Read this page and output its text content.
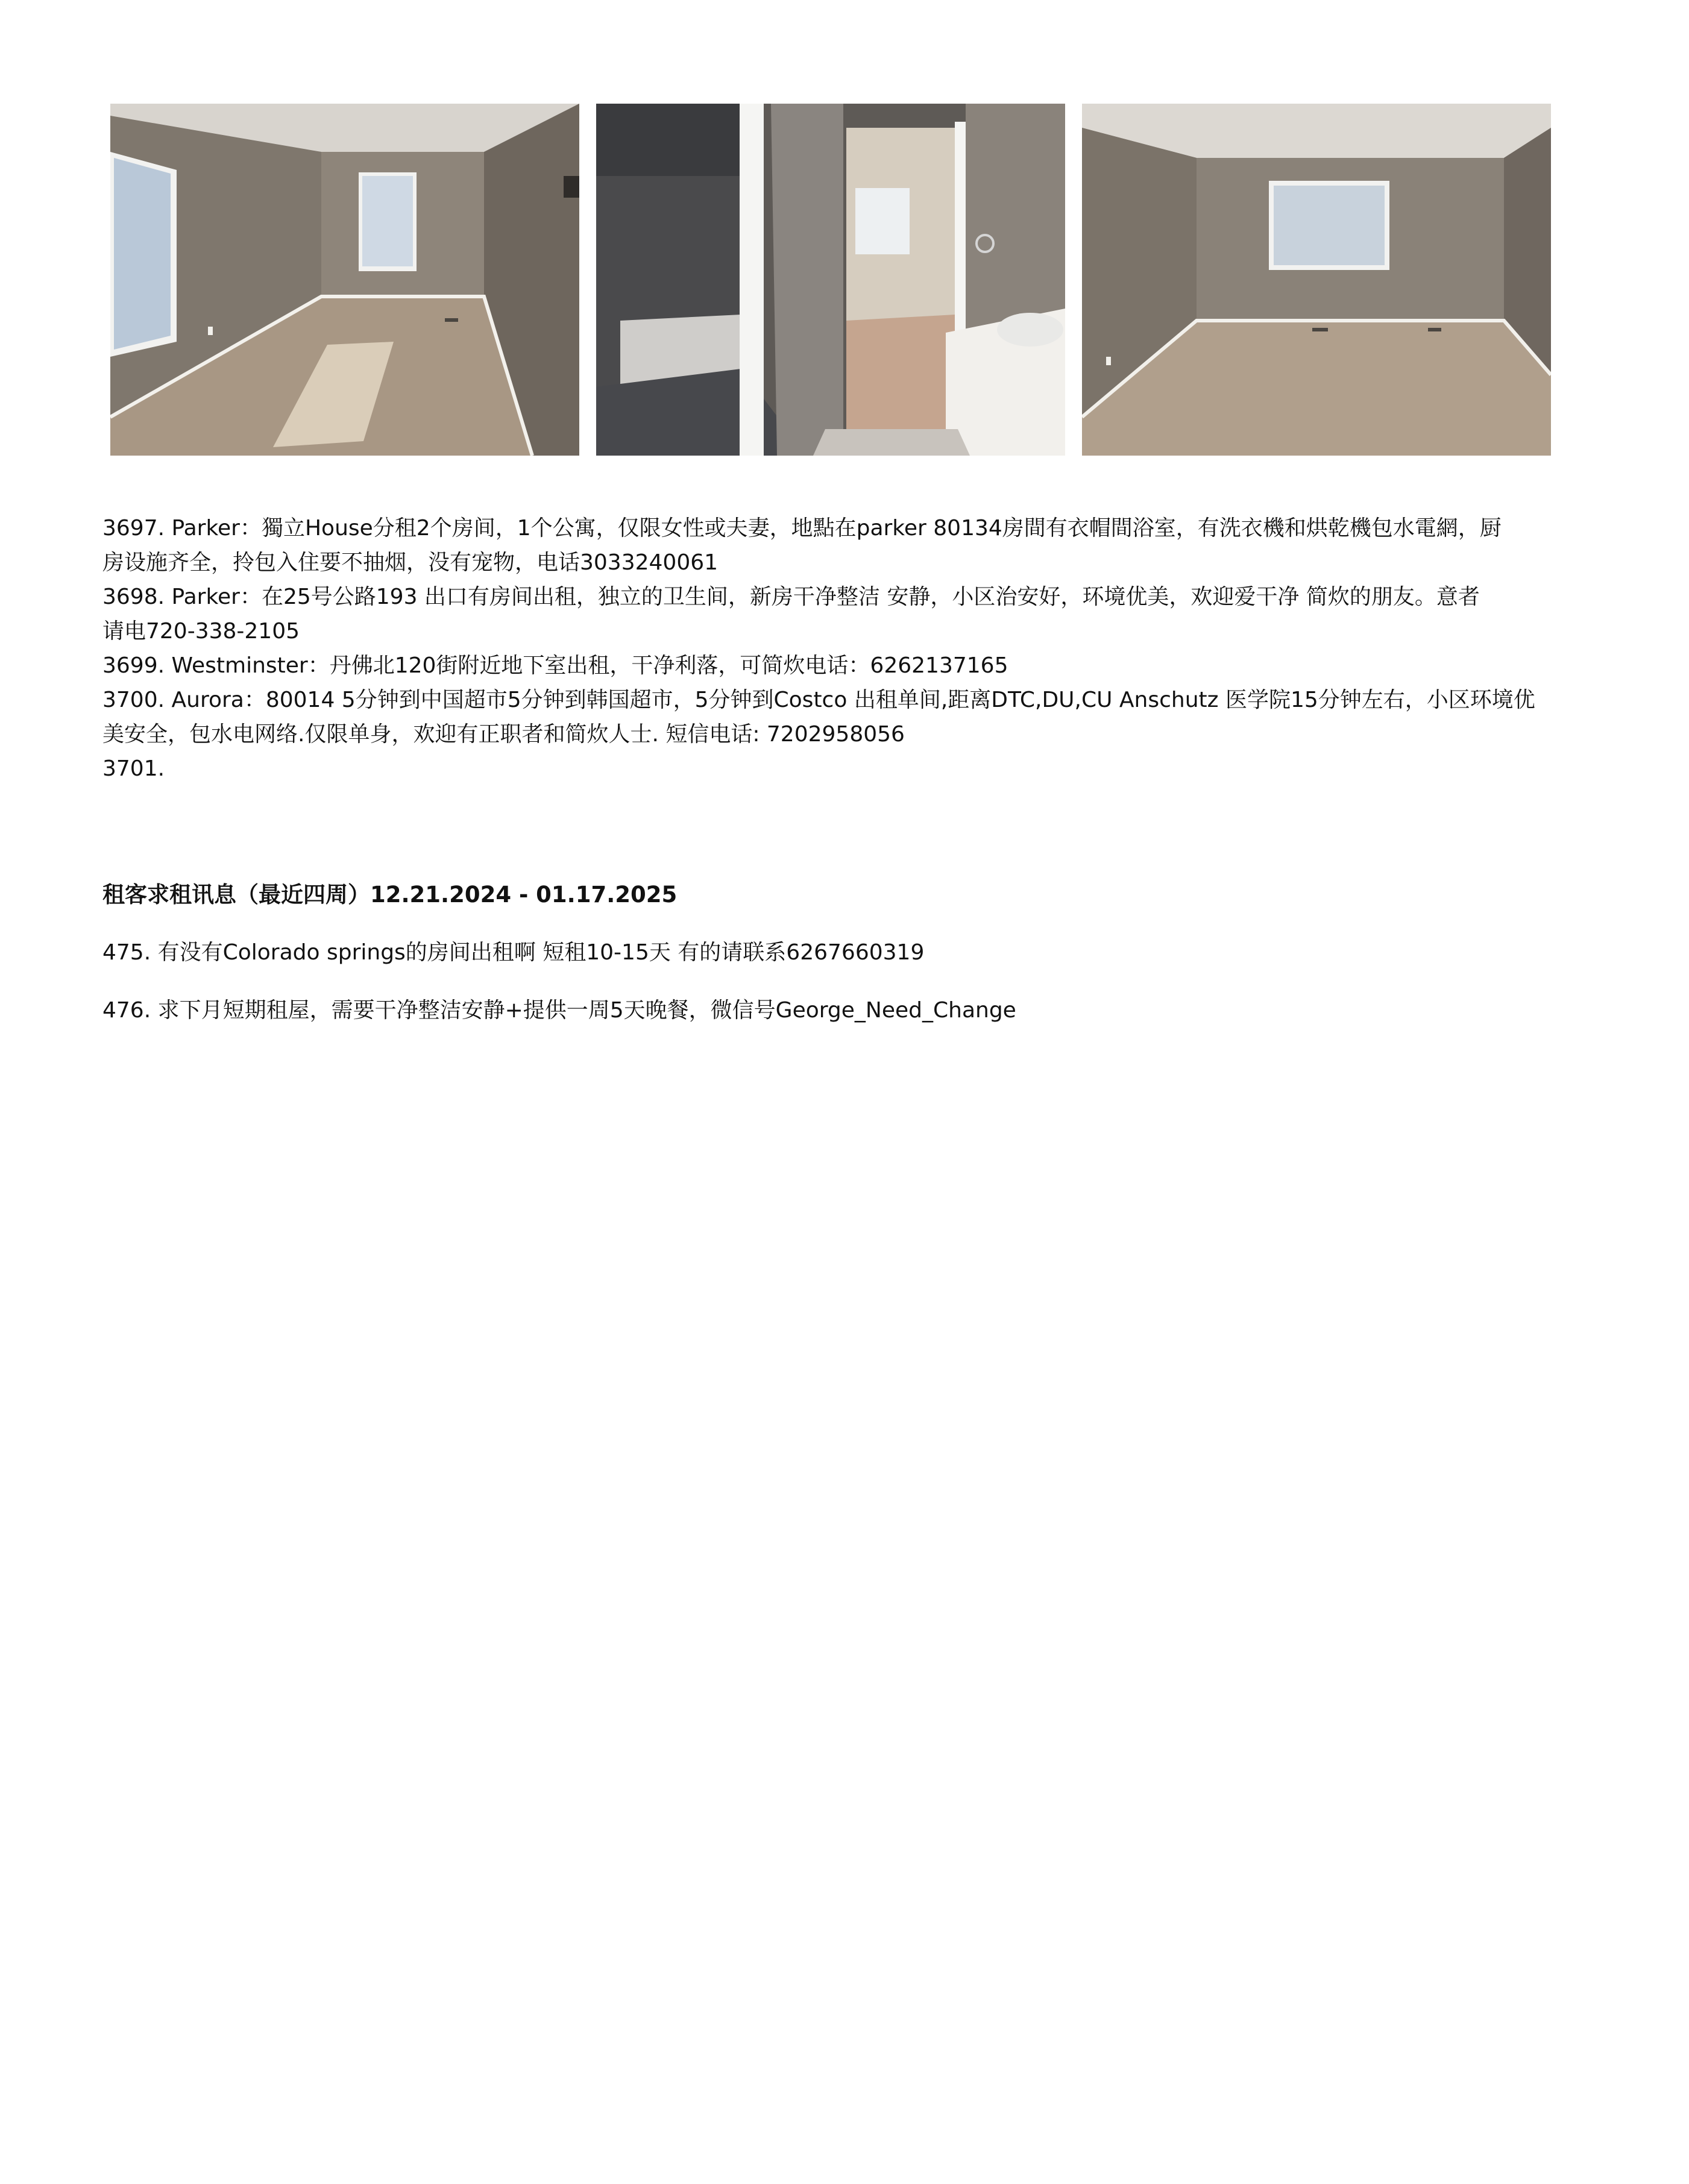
3697. Parker：獨立House分租2个房间，1个公寓，仅限女性或夫妻，地點在parker 80134房間有衣帽間浴室，有洗衣機和烘乾機包水電網，厨
房设施齐全，拎包入住要不抽烟，没有宠物，电话3033240061
3698. Parker：在25号公路193 出口有房间出租，独立的卫生间，新房干净整洁 安静，小区治安好，环境优美，欢迎爱干净 简炊的朋友。意者
请电720-338-2105
3699. Westminster：丹佛北120街附近地下室出租，干净利落，可简炊电话：6262137165
3700. Aurora：80014 5分钟到中国超市5分钟到韩国超市，5分钟到Costco 出租单间,距离DTC,DU,CU Anschutz 医学院15分钟左右，小区环境优
美安全，包水电网络.仅限单身，欢迎有正职者和简炊人士. 短信电话: 7202958056
3701.
租客求租讯息（最近四周）12.21.2024 - 01.17.2025
475. 有没有Colorado springs的房间出租啊 短租10-15天 有的请联系6267660319
476. 求下月短期租屋，需要干净整洁安静+提供一周5天晚餐，微信号George_Need_Change
